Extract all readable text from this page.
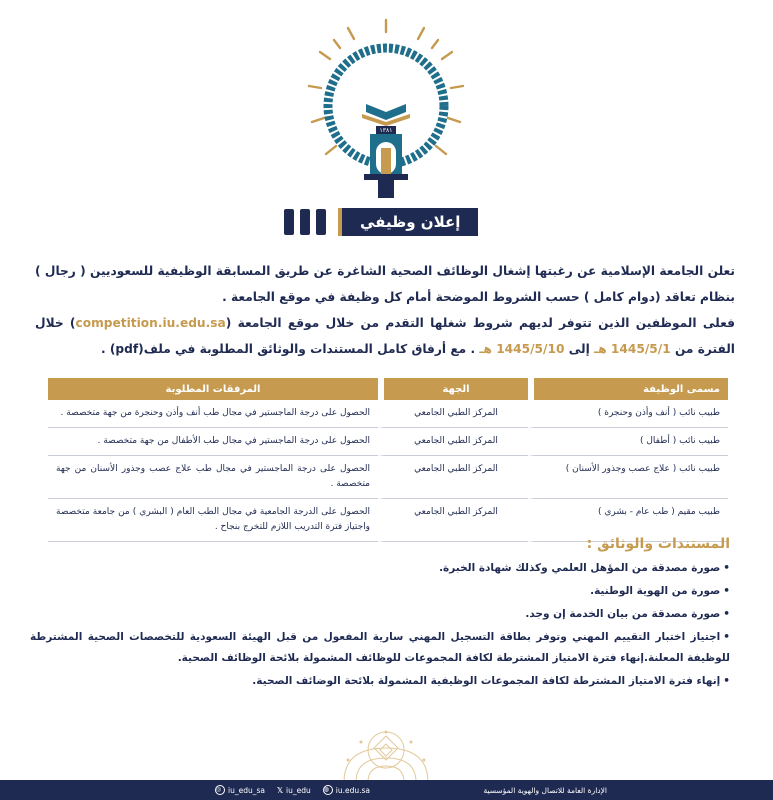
١٣٨١
إعلان وظيفي

تعلن الجامعة الإسلامية عن رغبتها إشغال الوظائف الصحية الشاغرة عن طريق المسابقة الوظيفية للسعوديين ( رجال ) بنظام تعاقد (دوام كامل ) حسب الشروط الموضحة أمام كل وظيفة في موقع الجامعة .

فعلى الموظفين الذين تتوفر لديهم شروط شغلها التقدم من خلال موقع الجامعة (competition.iu.edu.sa) خلال الفترة من 1445/5/1 هـ إلى 1445/5/10 هـ . مع أرفاق كامل المستندات والوثائق المطلوبة في ملف(pdf) .

مسمى الوظيفة	الجهة	المرفقات المطلوبة
طبيب نائب ( أنف وأذن وحنجرة )	المركز الطبي الجامعي	الحصول على درجة الماجستير في مجال طب أنف وأذن وحنجرة من جهة متخصصة .
طبيب نائب ( أطفال )	المركز الطبي الجامعي	الحصول على درجة الماجستير في مجال طب الأطفال من جهة متخصصة .
طبيب نائب ( علاج عصب وجذور الأسنان )	المركز الطبي الجامعي	الحصول على درجة الماجستير في مجال طب علاج عصب وجذور الأسنان من جهة متخصصة .
طبيب مقيم ( طب عام - بشري )	المركز الطبي الجامعي	الحصول على الدرجة الجامعية في مجال الطب العام ( البشري ) من جامعة متخصصة واجتياز فترة التدريب اللازم للتخرج بنجاح .
المستندات والوثائق :
•صورة مصدقة من المؤهل العلمي وكذلك شهادة الخبرة.
•صورة من الهوية الوطنية.
•صورة مصدقة من بيان الخدمة إن وجد.
•اجتياز اختبار التقييم المهني وتوفر بطاقة التسجيل المهني سارية المفعول من قبل الهيئة السعودية للتخصصات الصحية المشترطة للوظيفة المعلنة.إنهاء فترة الامتياز المشترطة لكافة المجموعات للوظائف المشمولة بلائحة الوظائف الصحية.
•إنهاء فترة الامتياز المشترطة لكافة المجموعات الوظيفية المشمولة بلائحة الوضائف الصحية.
◎ iu_edu_sa 𝕏 iu_edu ◍ iu.edu.sa	الإدارة العامة للاتصال والهوية المؤسسية
